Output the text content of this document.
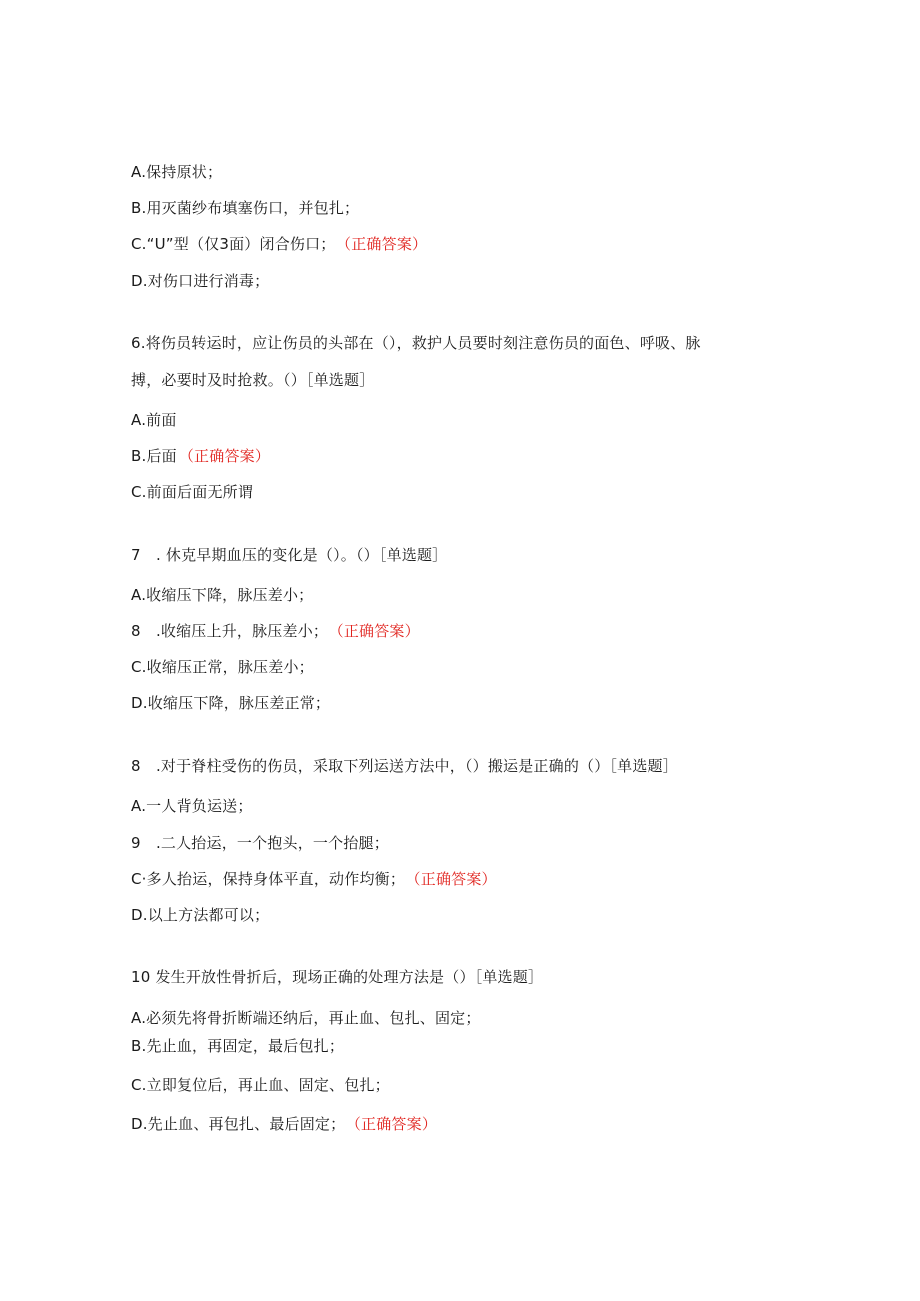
A.保持原状；
B.用灭菌纱布填塞伤口，并包扎；
C.“U”型（仅3面）闭合伤口； （正确答案）
D.对伤口进行消毒；
6.将伤员转运时，应让伤员的头部在（），救护人员要时刻注意伤员的面色、呼吸、脉
搏，必要时及时抢救。（）［单选题］
A.前面
B.后面 （正确答案）
C.前面后面无所谓
7　. 休克早期血压的变化是（）。（）［单选题］
A.收缩压下降，脉压差小；
8　.收缩压上升，脉压差小； （正确答案）
C.收缩压正常，脉压差小；
D.收缩压下降，脉压差正常；
8　.对于脊柱受伤的伤员，采取下列运送方法中，（）搬运是正确的（）［单选题］
A.一人背负运送；
9　.二人抬运，一个抱头，一个抬腿；
C·多人抬运，保持身体平直，动作均衡； （正确答案）
D.以上方法都可以；
10 发生开放性骨折后，现场正确的处理方法是（）［单选题］
A.必须先将骨折断端还纳后，再止血、包扎、固定；
B.先止血，再固定，最后包扎；
C.立即复位后，再止血、固定、包扎；
D.先止血、再包扎、最后固定； （正确答案）
